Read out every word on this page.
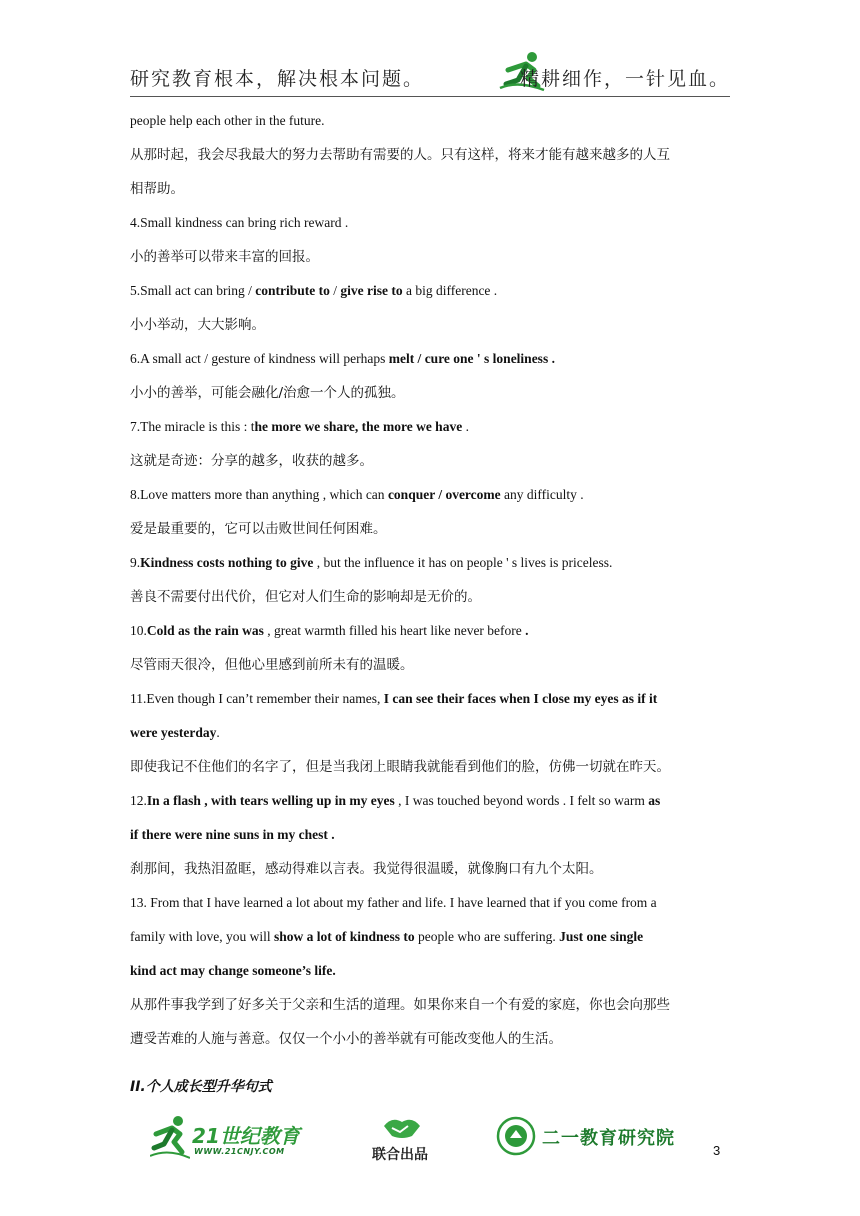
研究教育根本，解决根本问题。	精耕细作，一针见血。

people help each other in the future.

从那时起，我会尽我最大的努力去帮助有需要的人。只有这样，将来才能有越来越多的人互

相帮助。

4.Small kindness can bring rich reward .

小的善举可以带来丰富的回报。

5.Small act can bring / contribute to / give rise to a big difference .

小小举动，大大影响。

6.A small act / gesture of kindness will perhaps melt / cure one ' s loneliness .

小小的善举，可能会融化/治愈一个人的孤独。

7.The miracle is this : the more we share, the more we have .

这就是奇迹：分享的越多，收获的越多。

8.Love matters more than anything , which can conquer / overcome any difficulty .

爱是最重要的，它可以击败世间任何困难。

9.Kindness costs nothing to give , but the influence it has on people ' s lives is priceless.

善良不需要付出代价，但它对人们生命的影响却是无价的。

10.Cold as the rain was , great warmth filled his heart like never before .

尽管雨天很冷，但他心里感到前所未有的温暖。

11.Even though I can’t remember their names, I can see their faces when I close my eyes as if it

were yesterday.

即使我记不住他们的名字了，但是当我闭上眼睛我就能看到他们的脸，仿佛一切就在昨天。

12.In a flash , with tears welling up in my eyes , I was touched beyond words . I felt so warm as

if there were nine suns in my chest .

刹那间，我热泪盈眶，感动得难以言表。我觉得很温暖，就像胸口有九个太阳。

13. From that I have learned a lot about my father and life. I have learned that if you come from a

family with love, you will show a lot of kindness to people who are suffering. Just one single

kind act may change someone’s life.

从那件事我学到了好多关于父亲和生活的道理。如果你来自一个有爱的家庭，你也会向那些

遭受苦难的人施与善意。仅仅一个小小的善举就有可能改变他人的生活。

II.个人成长型升华句式

21世纪教育
WWW.21CNJY.COM	联合出品
二一教育研究院
3
